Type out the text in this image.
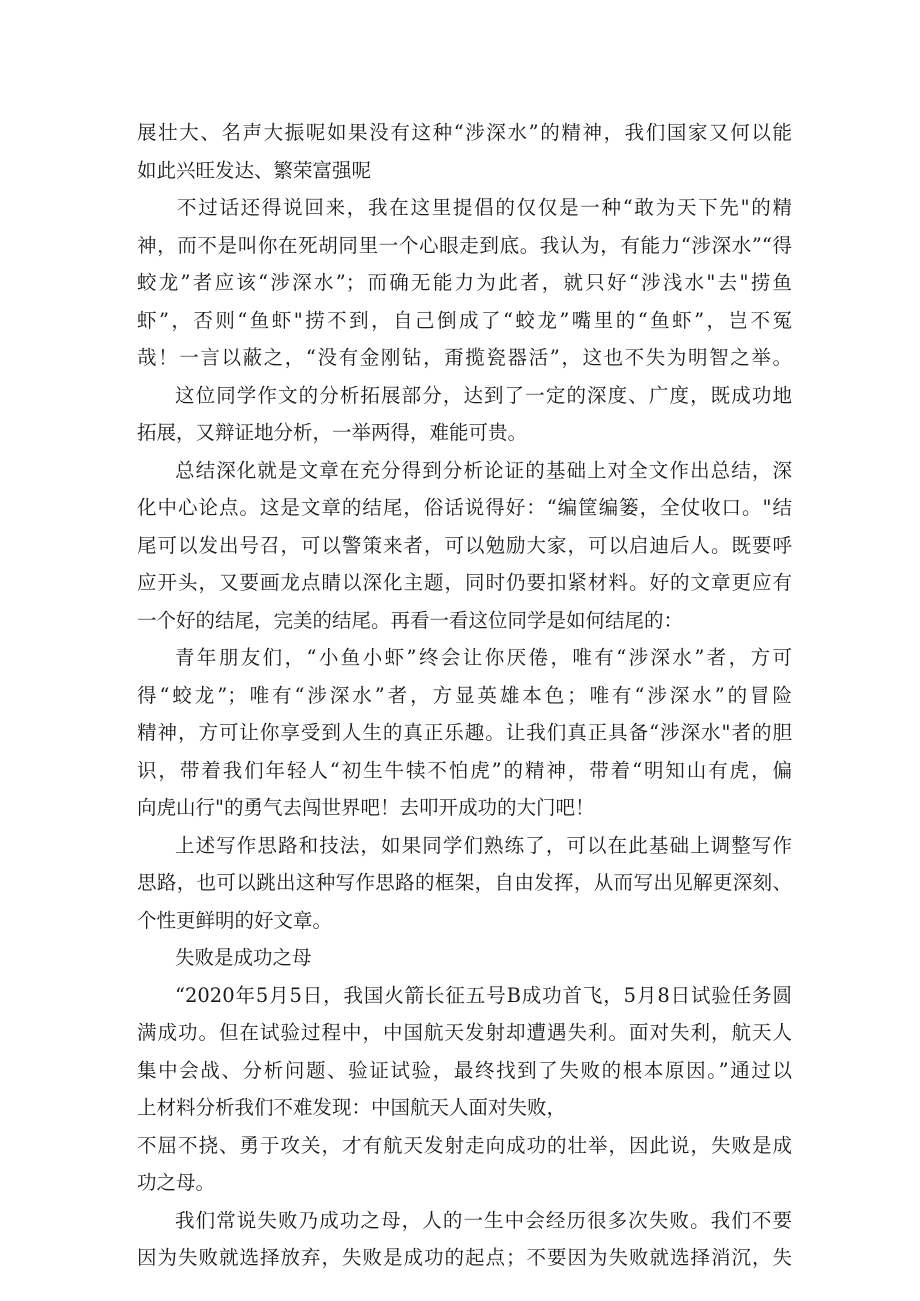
展壮大、名声大振呢如果没有这种“涉深水”的精神，我们国家又何以能
如此兴旺发达、繁荣富强呢
不过话还得说回来，我在这里提倡的仅仅是一种“敢为天下先"的精
神，而不是叫你在死胡同里一个心眼走到底。我认为，有能力“涉深水”“得
蛟龙”者应该“涉深水”；而确无能力为此者，就只好“涉浅水"去"捞鱼
虾”，否则“鱼虾"捞不到，自己倒成了“蛟龙”嘴里的“鱼虾”，岂不冤
哉！一言以蔽之，“没有金刚钻，甭揽瓷器活”，这也不失为明智之举。
这位同学作文的分析拓展部分，达到了一定的深度、广度，既成功地
拓展，又辩证地分析，一举两得，难能可贵。
总结深化就是文章在充分得到分析论证的基础上对全文作出总结，深
化中心论点。这是文章的结尾，俗话说得好：“编筐编篓，全仗收口。"结
尾可以发出号召，可以警策来者，可以勉励大家，可以启迪后人。既要呼
应开头，又要画龙点睛以深化主题，同时仍要扣紧材料。好的文章更应有
一个好的结尾，完美的结尾。再看一看这位同学是如何结尾的：
青年朋友们，“小鱼小虾”终会让你厌倦，唯有“涉深水”者，方可
得“蛟龙”；唯有“涉深水”者，方显英雄本色；唯有“涉深水”的冒险
精神，方可让你享受到人生的真正乐趣。让我们真正具备“涉深水"者的胆
识，带着我们年轻人“初生牛犊不怕虎”的精神，带着“明知山有虎，偏
向虎山行"的勇气去闯世界吧！去叩开成功的大门吧！
上述写作思路和技法，如果同学们熟练了，可以在此基础上调整写作
思路，也可以跳出这种写作思路的框架，自由发挥，从而写出见解更深刻、
个性更鲜明的好文章。
失败是成功之母
“2020年5月5日，我国火箭长征五号B成功首飞，5月8日试验任务圆
满成功。但在试验过程中，中国航天发射却遭遇失利。面对失利，航天人
集中会战、分析问题、验证试验，最终找到了失败的根本原因。”通过以
上材料分析我们不难发现：中国航天人面对失败，
不屈不挠、勇于攻关，才有航天发射走向成功的壮举，因此说，失败是成
功之母。
我们常说失败乃成功之母，人的一生中会经历很多次失败。我们不要
因为失败就选择放弃，失败是成功的起点；不要因为失败就选择消沉，失
